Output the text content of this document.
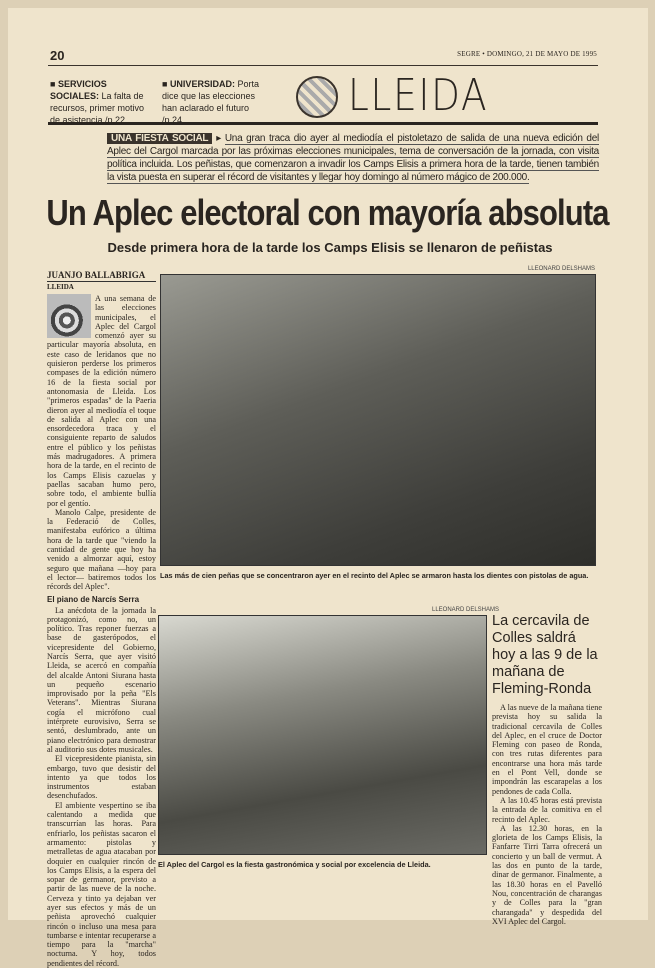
20	SEGRE • DOMINGO, 21 DE MAYO DE 1995
■ SERVICIOS SOCIALES: La falta de recursos, primer motivo de asistencia /p.22
■ UNIVERSIDAD: Porta dice que las elecciones han aclarado el futuro /p.24	LLEIDA
UNA FIESTA SOCIAL ▸ Una gran traca dio ayer al mediodía el pistoletazo de salida de una nueva edición del Aplec del Cargol marcada por las próximas elecciones municipales, tema de conversación de la jornada, con visita política incluida. Los peñistas, que comenzaron a invadir los Camps Elisis a primera hora de la tarde, tienen también la vista puesta en superar el récord de visitantes y llegar hoy domingo al número mágico de 200.000.
Un Aplec electoral con mayoría absoluta
Desde primera hora de la tarde los Camps Elisis se llenaron de peñistas
JUANJO BALLABRIGA
LLEIDA

A una semana de las elecciones municipales, el Aplec del Cargol comenzó ayer su particular mayoría absoluta, en este caso de leridanos que no quisieron perderse los primeros compases de la edición número 16 de la fiesta social por antonomasia de Lleida. Los "primeros espadas" de la Paeria dieron ayer al mediodía el toque de salida al Aplec con una ensordecedora traca y el consiguiente reparto de saludos entre el público y los peñistas más madrugadores. A primera hora de la tarde, en el recinto de los Camps Elisis cazuelas y paellas sacaban humo pero, sobre todo, el ambiente bullía por el gentío.

Manolo Calpe, presidente de la Federació de Colles, manifestaba eufórico a última hora de la tarde que "viendo la cantidad de gente que hoy ha venido a almorzar aquí, estoy seguro que mañana —hoy para el lector— batiremos todos los récords del Aplec".

El piano de Narcís Serra

La anécdota de la jornada la protagonizó, como no, un político. Tras reponer fuerzas a base de gasterópodos, el vicepresidente del Gobierno, Narcís Serra, que ayer visitó Lleida, se acercó en compañía del alcalde Antoni Siurana hasta un pequeño escenario improvisado por la peña "Els Veterans". Mientras Siurana cogía el micrófono cual intérprete eurovisivo, Serra se sentó, deslumbrado, ante un piano electrónico para demostrar al auditorio sus dotes musicales.

El vicepresidente pianista, sin embargo, tuvo que desistir del intento ya que todos los instrumentos estaban desenchufados.

El ambiente vespertino se iba calentando a medida que transcurrían las horas. Para enfriarlo, los peñistas sacaron el armamento: pistolas y metralletas de agua atacaban por doquier en cualquier rincón de los Camps Elisis, a la espera del sopar de germanor, previsto a partir de las nueve de la noche. Cerveza y tinto ya dejaban ver ayer sus efectos y más de un peñista aprovechó cualquier rincón o incluso una mesa para tumbarse e intentar recuperarse a tiempo para la "marcha" nocturna. Y hoy, todos pendientes del récord.

LLEONARD DELSHAMS
Las más de cien peñas que se concentraron ayer en el recinto del Aplec se armaron hasta los dientes con pistolas de agua.
LLEONARD DELSHAMS
El Aplec del Cargol es la fiesta gastronómica y social por excelencia de Lleida.
La cercavila de Colles saldrá hoy a las 9 de la mañana de Fleming-Ronda

A las nueve de la mañana tiene prevista hoy su salida la tradicional cercavila de Colles del Aplec, en el cruce de Doctor Fleming con paseo de Ronda, con tres rutas diferentes para encontrarse una hora más tarde en el Pont Vell, donde se impondrán las escarapelas a los pendones de cada Colla.

A las 10.45 horas está prevista la entrada de la comitiva en el recinto del Aplec.

A las 12.30 horas, en la glorieta de los Camps Elisis, la Fanfarre Tirri Tarra ofrecerá un concierto y un ball de vermut. A las dos en punto de la tarde, dinar de germanor. Finalmente, a las 18.30 horas en el Pavelló Nou, concentración de charangas y de Colles para la "gran charangada" y despedida del XVI Aplec del Cargol.
